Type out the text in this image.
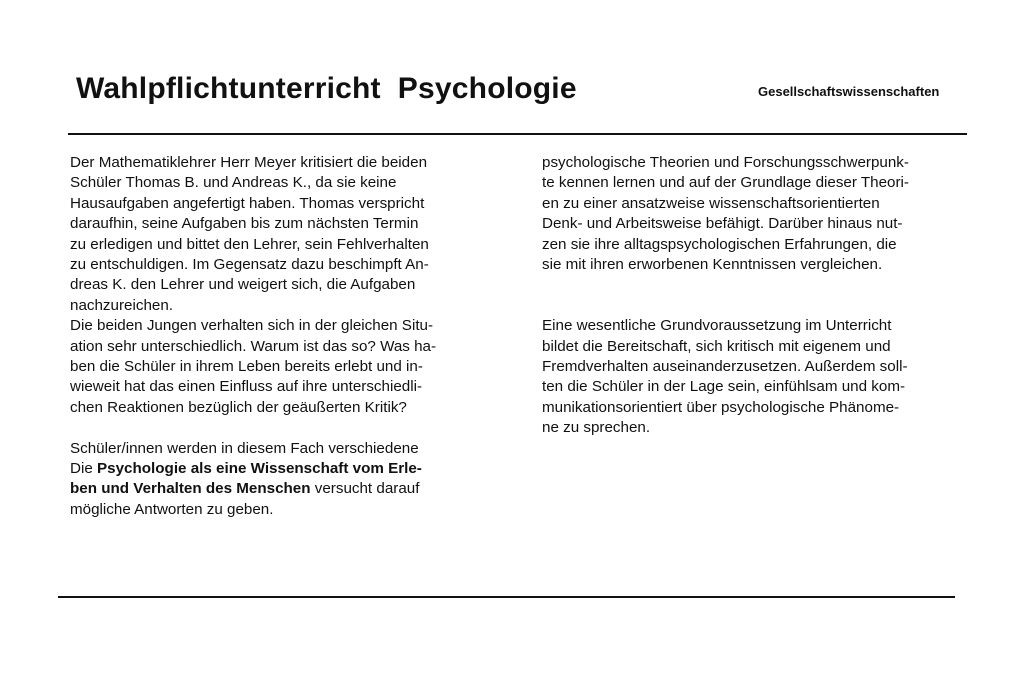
Wahlpflichtunterricht  Psychologie	Gesellschaftswissenschaften
Der Mathematiklehrer Herr Meyer kritisiert die beiden
Schüler Thomas B. und Andreas K., da sie keine
Hausaufgaben angefertigt haben. Thomas verspricht
daraufhin, seine Aufgaben bis zum nächsten Termin
zu erledigen und bittet den Lehrer, sein Fehlverhalten
zu entschuldigen. Im Gegensatz dazu beschimpft An-
dreas K. den Lehrer und weigert sich, die Aufgaben
nachzureichen.
Die beiden Jungen verhalten sich in der gleichen Situ-
ation sehr unterschiedlich. Warum ist das so? Was ha-
ben die Schüler in ihrem Leben bereits erlebt und in-
wieweit hat das einen Einfluss auf ihre unterschiedli-
chen Reaktionen bezüglich der geäußerten Kritik?
Schüler/innen werden in diesem Fach verschiedene
Die Psychologie als eine Wissenschaft vom Erle-
ben und Verhalten des Menschen versucht darauf
mögliche Antworten zu geben.
psychologische Theorien und Forschungsschwerpunk-
te kennen lernen und auf der Grundlage dieser Theori-
en zu einer ansatzweise wissenschaftsorientierten
Denk- und Arbeitsweise befähigt. Darüber hinaus nut-
zen sie ihre alltagspsychologischen Erfahrungen, die
sie mit ihren erworbenen Kenntnissen vergleichen.
Eine wesentliche Grundvoraussetzung im Unterricht
bildet die Bereitschaft, sich kritisch mit eigenem und
Fremdverhalten auseinanderzusetzen. Außerdem soll-
ten die Schüler in der Lage sein, einfühlsam und kom-
munikationsorientiert über psychologische Phänome-
ne zu sprechen.
